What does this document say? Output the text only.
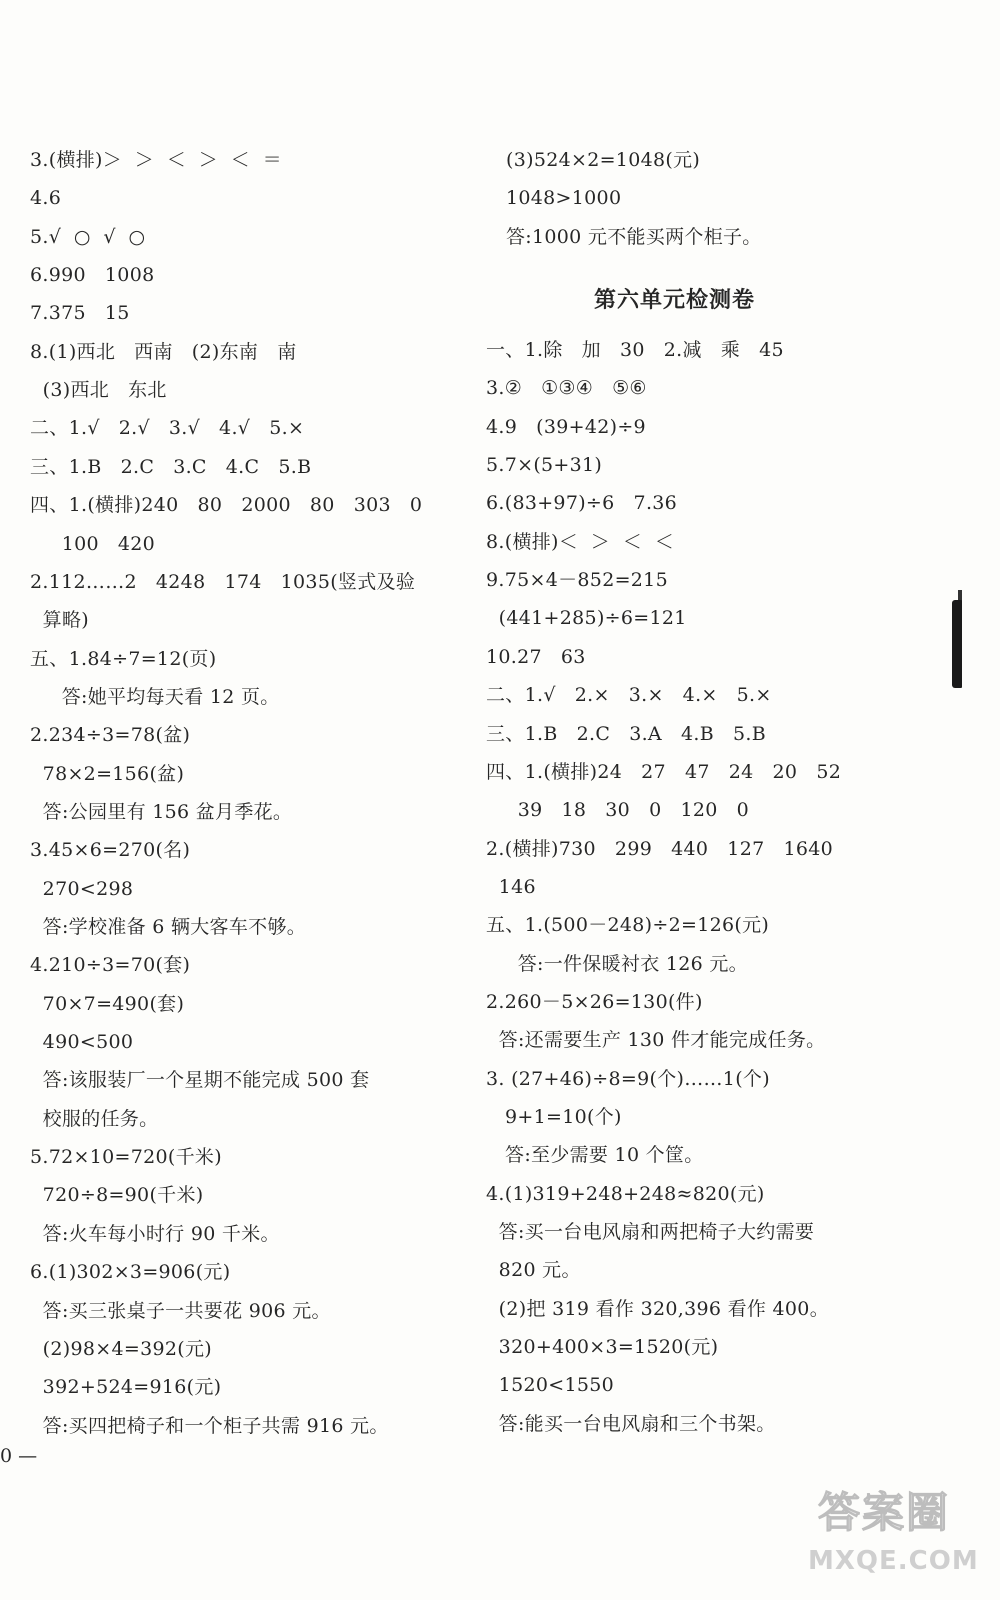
3.(横排)＞  ＞  ＜  ＞  ＜  ＝
4.6
5.√  ○  √  ○
6.990   1008
7.375   15
8.(1)西北   西南   (2)东南   南
(3)西北   东北
二、1.√   2.√   3.√   4.√   5.×
三、1.B   2.C   3.C   4.C   5.B
四、1.(横排)240   80   2000   80   303   0
100   420
2.112……2   4248   174   1035(竖式及验
算略)
五、1.84÷7=12(页)
答:她平均每天看 12 页。
2.234÷3=78(盆)
78×2=156(盆)
答:公园里有 156 盆月季花。
3.45×6=270(名)
270<298
答:学校准备 6 辆大客车不够。
4.210÷3=70(套)
70×7=490(套)
490<500
答:该服装厂一个星期不能完成 500 套
校服的任务。
5.72×10=720(千米)
720÷8=90(千米)
答:火车每小时行 90 千米。
6.(1)302×3=906(元)
答:买三张桌子一共要花 906 元。
(2)98×4=392(元)
392+524=916(元)
答:买四把椅子和一个柜子共需 916 元。
(3)524×2=1048(元)
1048>1000
答:1000 元不能买两个柜子。
第六单元检测卷
一、1.除   加   30   2.减   乘   45
3.②   ①③④   ⑤⑥
4.9   (39+42)÷9
5.7×(5+31)
6.(83+97)÷6   7.36
8.(横排)＜  ＞  ＜  ＜
9.75×4－852=215
(441+285)÷6=121
10.27   63
二、1.√   2.×   3.×   4.×   5.×
三、1.B   2.C   3.A   4.B   5.B
四、1.(横排)24   27   47   24   20   52
39   18   30   0   120   0
2.(横排)730   299   440   127   1640
146
五、1.(500－248)÷2=126(元)
答:一件保暖衬衣 126 元。
2.260－5×26=130(件)
答:还需要生产 130 件才能完成任务。
3. (27+46)÷8=9(个)……1(个)
9+1=10(个)
答:至少需要 10 个筐。
4.(1)319+248+248≈820(元)
答:买一台电风扇和两把椅子大约需要
820 元。
(2)把 319 看作 320,396 看作 400。
320+400×3=1520(元)
1520<1550
答:能买一台电风扇和三个书架。
0 —
答案圈
MXQE.COM
